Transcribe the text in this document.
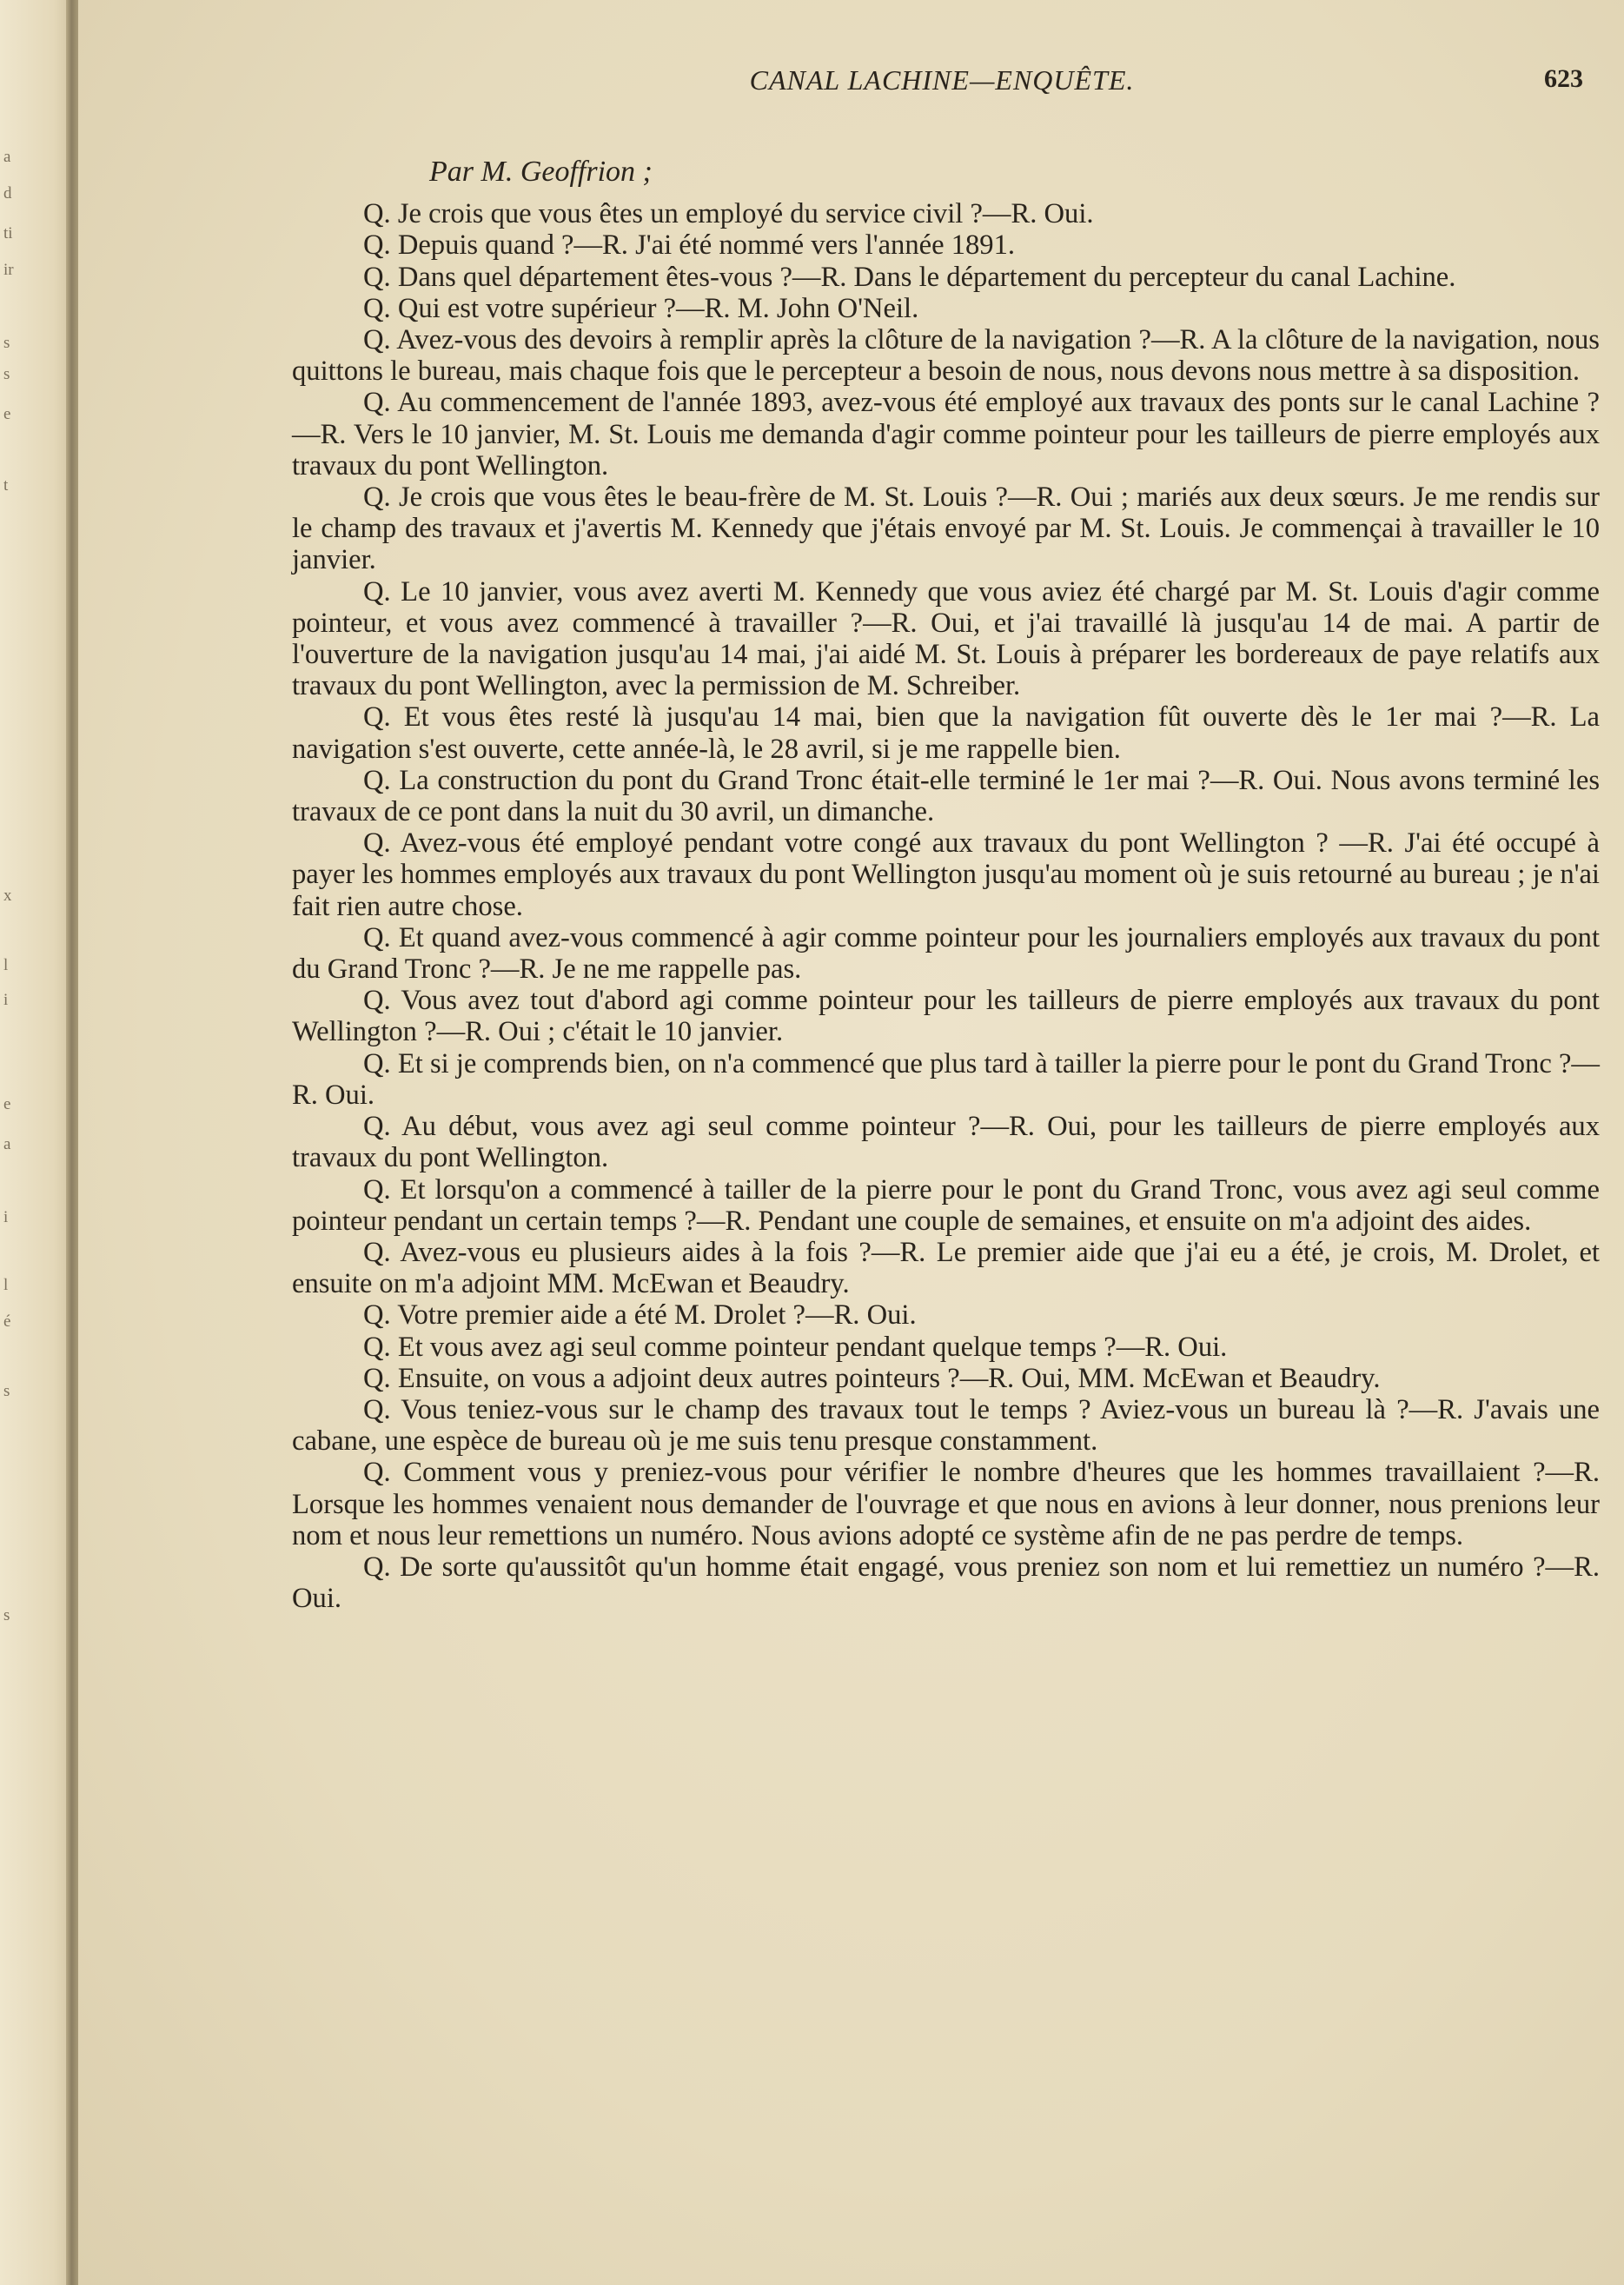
a
d
ti
ir
s
s
e
t
x
l
i
e
a
i
l
é
s
s
CANAL LACHINE—ENQUÊTE.	623

Par M. Geoffrion ;

Q. Je crois que vous êtes un employé du service civil ?—R. Oui.

Q. Depuis quand ?—R. J'ai été nommé vers l'année 1891.

Q. Dans quel département êtes-vous ?—R. Dans le département du percepteur du canal Lachine.

Q. Qui est votre supérieur ?—R. M. John O'Neil.

Q. Avez-vous des devoirs à remplir après la clôture de la navigation ?—R. A la clôture de la navigation, nous quittons le bureau, mais chaque fois que le percepteur a besoin de nous, nous devons nous mettre à sa disposition.

Q. Au commencement de l'année 1893, avez-vous été employé aux travaux des ponts sur le canal Lachine ?—R. Vers le 10 janvier, M. St. Louis me demanda d'agir comme pointeur pour les tailleurs de pierre employés aux travaux du pont Wellington.

Q. Je crois que vous êtes le beau-frère de M. St. Louis ?—R. Oui ; mariés aux deux sœurs. Je me rendis sur le champ des travaux et j'avertis M. Kennedy que j'étais envoyé par M. St. Louis. Je commençai à travailler le 10 janvier.

Q. Le 10 janvier, vous avez averti M. Kennedy que vous aviez été chargé par M. St. Louis d'agir comme pointeur, et vous avez commencé à travailler ?—R. Oui, et j'ai travaillé là jusqu'au 14 de mai. A partir de l'ouverture de la navigation jusqu'au 14 mai, j'ai aidé M. St. Louis à préparer les bordereaux de paye relatifs aux travaux du pont Wellington, avec la permission de M. Schreiber.

Q. Et vous êtes resté là jusqu'au 14 mai, bien que la navigation fût ouverte dès le 1er mai ?—R. La navigation s'est ouverte, cette année-là, le 28 avril, si je me rappelle bien.

Q. La construction du pont du Grand Tronc était-elle terminé le 1er mai ?—R. Oui. Nous avons terminé les travaux de ce pont dans la nuit du 30 avril, un dimanche.

Q. Avez-vous été employé pendant votre congé aux travaux du pont Wellington ? —R. J'ai été occupé à payer les hommes employés aux travaux du pont Wellington jusqu'au moment où je suis retourné au bureau ; je n'ai fait rien autre chose.

Q. Et quand avez-vous commencé à agir comme pointeur pour les journaliers employés aux travaux du pont du Grand Tronc ?—R. Je ne me rappelle pas.

Q. Vous avez tout d'abord agi comme pointeur pour les tailleurs de pierre employés aux travaux du pont Wellington ?—R. Oui ; c'était le 10 janvier.

Q. Et si je comprends bien, on n'a commencé que plus tard à tailler la pierre pour le pont du Grand Tronc ?—R. Oui.

Q. Au début, vous avez agi seul comme pointeur ?—R. Oui, pour les tailleurs de pierre employés aux travaux du pont Wellington.

Q. Et lorsqu'on a commencé à tailler de la pierre pour le pont du Grand Tronc, vous avez agi seul comme pointeur pendant un certain temps ?—R. Pendant une couple de semaines, et ensuite on m'a adjoint des aides.

Q. Avez-vous eu plusieurs aides à la fois ?—R. Le premier aide que j'ai eu a été, je crois, M. Drolet, et ensuite on m'a adjoint MM. McEwan et Beaudry.

Q. Votre premier aide a été M. Drolet ?—R. Oui.

Q. Et vous avez agi seul comme pointeur pendant quelque temps ?—R. Oui.

Q. Ensuite, on vous a adjoint deux autres pointeurs ?—R. Oui, MM. McEwan et Beaudry.

Q. Vous teniez-vous sur le champ des travaux tout le temps ? Aviez-vous un bureau là ?—R. J'avais une cabane, une espèce de bureau où je me suis tenu presque constamment.

Q. Comment vous y preniez-vous pour vérifier le nombre d'heures que les hommes travaillaient ?—R. Lorsque les hommes venaient nous demander de l'ouvrage et que nous en avions à leur donner, nous prenions leur nom et nous leur remettions un numéro. Nous avions adopté ce système afin de ne pas perdre de temps.

Q. De sorte qu'aussitôt qu'un homme était engagé, vous preniez son nom et lui remettiez un numéro ?—R. Oui.
